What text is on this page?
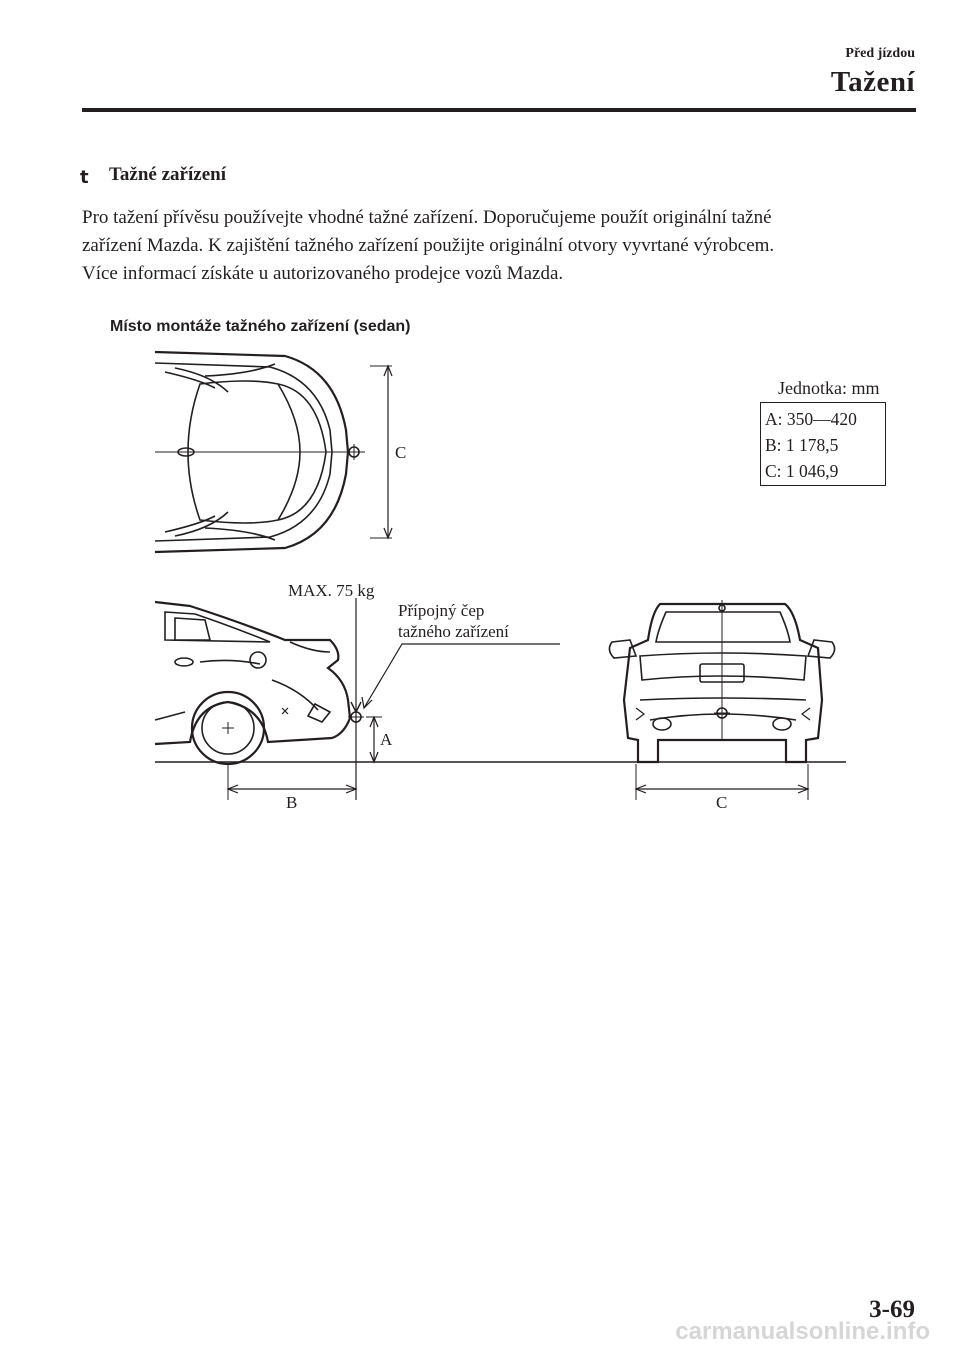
Před jízdou
Tažení
t Tažné zařízení

Pro tažení přívěsu používejte vhodné tažné zařízení. Doporučujeme použít originální tažné

zařízení Mazda. K zajištění tažného zařízení použijte originální otvory vyvrtané výrobcem.

Více informací získáte u autorizovaného prodejce vozů Mazda.

Místo montáže tažného zařízení (sedan)
C
MAX. 75 kg
Přípojný čep
tažného zařízení
A
B	C
Jednotka: mm
A: 350—420
B: 1 178,5
C: 1 046,9
3-69
carmanualsonline.info
